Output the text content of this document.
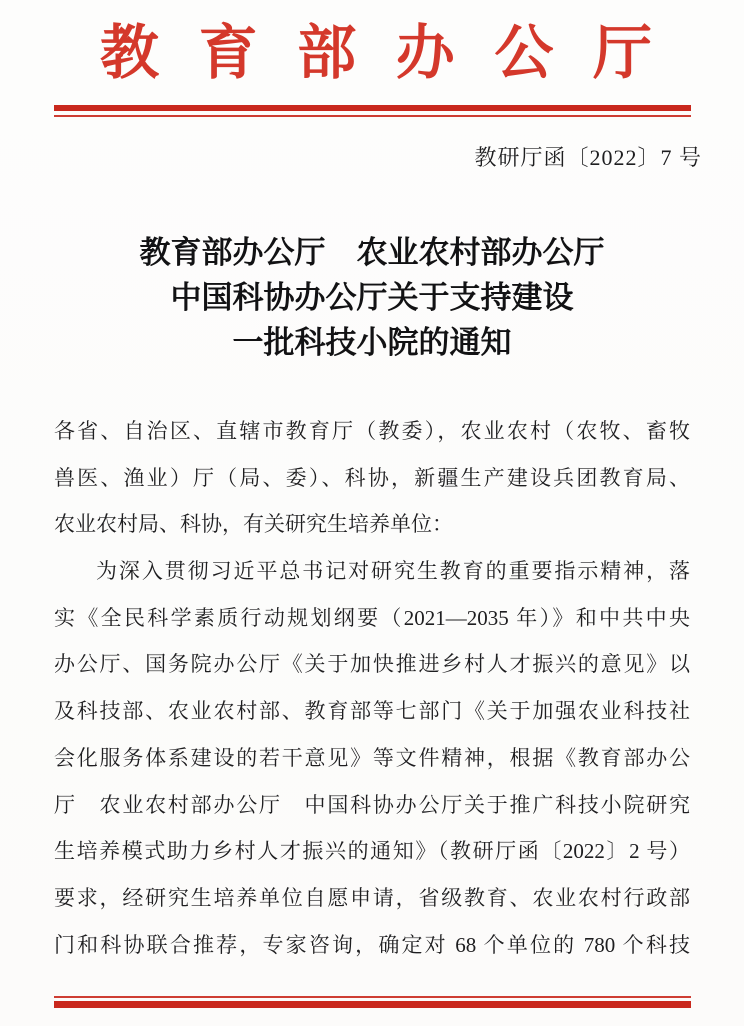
教育部办公厅
教研厅函〔2022〕7 号
教育部办公厅　农业农村部办公厅
中国科协办公厅关于支持建设
一批科技小院的通知
各省、自治区、直辖市教育厅（教委），农业农村（农牧、畜牧
兽医、渔业）厅（局、委）、科协，新疆生产建设兵团教育局、
农业农村局、科协，有关研究生培养单位：
为深入贯彻习近平总书记对研究生教育的重要指示精神，落
实《全民科学素质行动规划纲要（2021—2035 年）》和中共中央
办公厅、国务院办公厅《关于加快推进乡村人才振兴的意见》以
及科技部、农业农村部、教育部等七部门《关于加强农业科技社
会化服务体系建设的若干意见》等文件精神，根据《教育部办公
厅　农业农村部办公厅　中国科协办公厅关于推广科技小院研究
生培养模式助力乡村人才振兴的通知》（教研厅函〔2022〕2 号）
要求，经研究生培养单位自愿申请，省级教育、农业农村行政部
门和科协联合推荐，专家咨询，确定对 68 个单位的 780 个科技
